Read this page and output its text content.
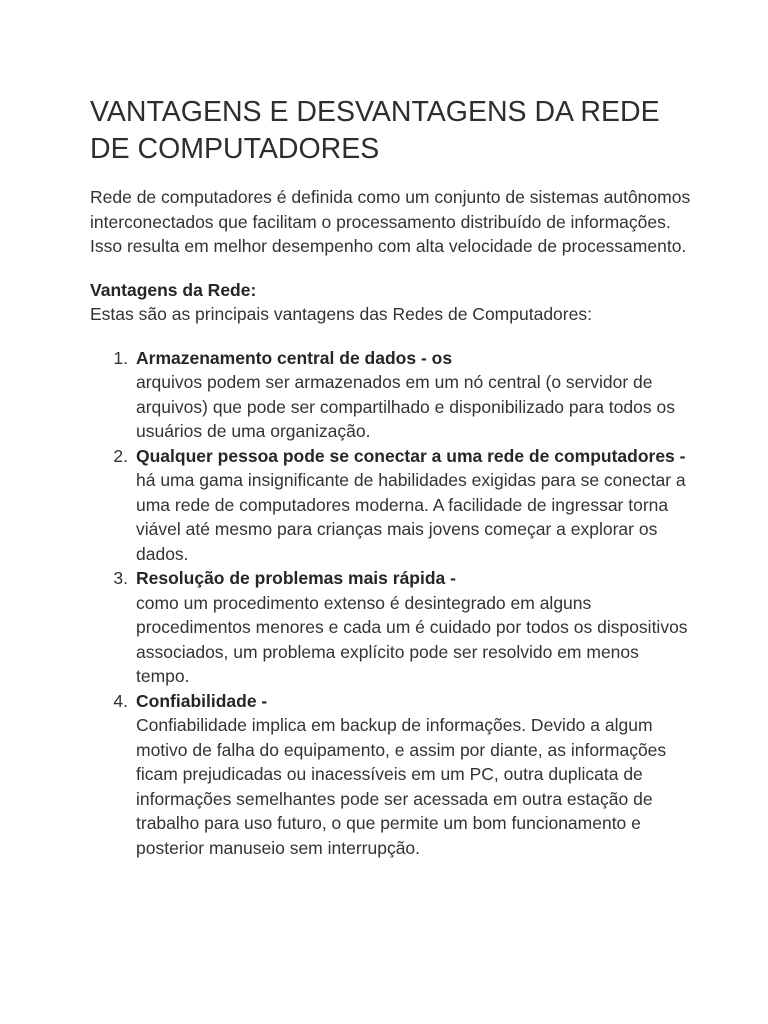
VANTAGENS E DESVANTAGENS DA REDE DE COMPUTADORES

Rede de computadores é definida como um conjunto de sistemas autônomos interconectados que facilitam o processamento distribuído de informações. Isso resulta em melhor desempenho com alta velocidade de processamento.

Vantagens da Rede:
Estas são as principais vantagens das Redes de Computadores:

1. Armazenamento central de dados - os
arquivos podem ser armazenados em um nó central (o servidor de arquivos) que pode ser compartilhado e disponibilizado para todos os usuários de uma organização.
2. Qualquer pessoa pode se conectar a uma rede de computadores -
há uma gama insignificante de habilidades exigidas para se conectar a uma rede de computadores moderna. A facilidade de ingressar torna viável até mesmo para crianças mais jovens começar a explorar os dados.
3. Resolução de problemas mais rápida -
como um procedimento extenso é desintegrado em alguns procedimentos menores e cada um é cuidado por todos os dispositivos associados, um problema explícito pode ser resolvido em menos tempo.
4. Confiabilidade -
Confiabilidade implica em backup de informações. Devido a algum motivo de falha do equipamento, e assim por diante, as informações ficam prejudicadas ou inacessíveis em um PC, outra duplicata de informações semelhantes pode ser acessada em outra estação de trabalho para uso futuro, o que permite um bom funcionamento e posterior manuseio sem interrupção.
